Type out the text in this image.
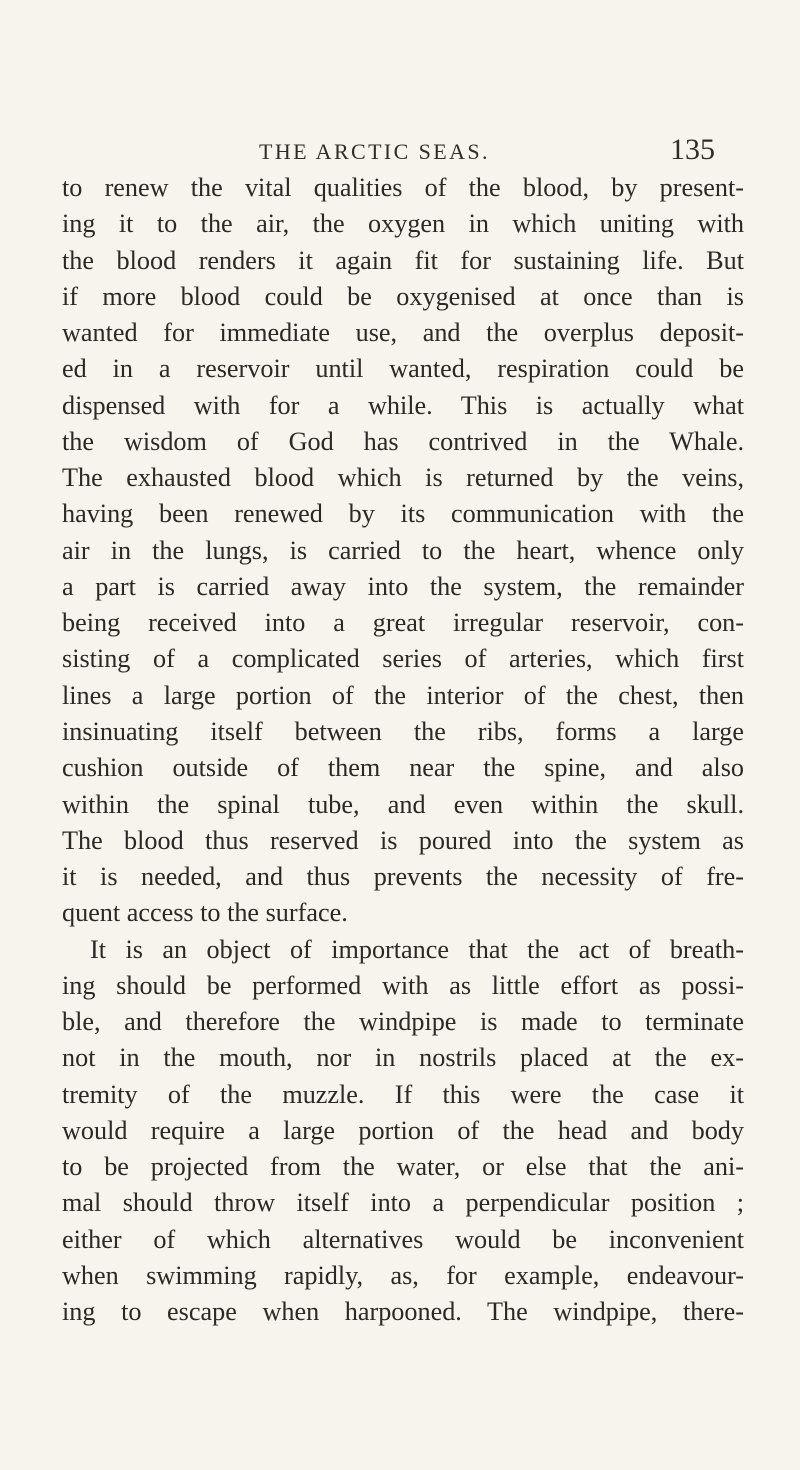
THE ARCTIC SEAS.	135
to renew the vital qualities of the blood, by present-
ing it to the air, the oxygen in which uniting with
the blood renders it again fit for sustaining life. But
if more blood could be oxygenised at once than is
wanted for immediate use, and the overplus deposit-
ed in a reservoir until wanted, respiration could be
dispensed with for a while. This is actually what
the wisdom of God has contrived in the Whale.
The exhausted blood which is returned by the veins,
having been renewed by its communication with the
air in the lungs, is carried to the heart, whence only
a part is carried away into the system, the remainder
being received into a great irregular reservoir, con-
sisting of a complicated series of arteries, which first
lines a large portion of the interior of the chest, then
insinuating itself between the ribs, forms a large
cushion outside of them near the spine, and also
within the spinal tube, and even within the skull.
The blood thus reserved is poured into the system as
it is needed, and thus prevents the necessity of fre-
quent access to the surface.
It is an object of importance that the act of breath-
ing should be performed with as little effort as possi-
ble, and therefore the windpipe is made to terminate
not in the mouth, nor in nostrils placed at the ex-
tremity of the muzzle. If this were the case it
would require a large portion of the head and body
to be projected from the water, or else that the ani-
mal should throw itself into a perpendicular position ;
either of which alternatives would be inconvenient
when swimming rapidly, as, for example, endeavour-
ing to escape when harpooned. The windpipe, there-
